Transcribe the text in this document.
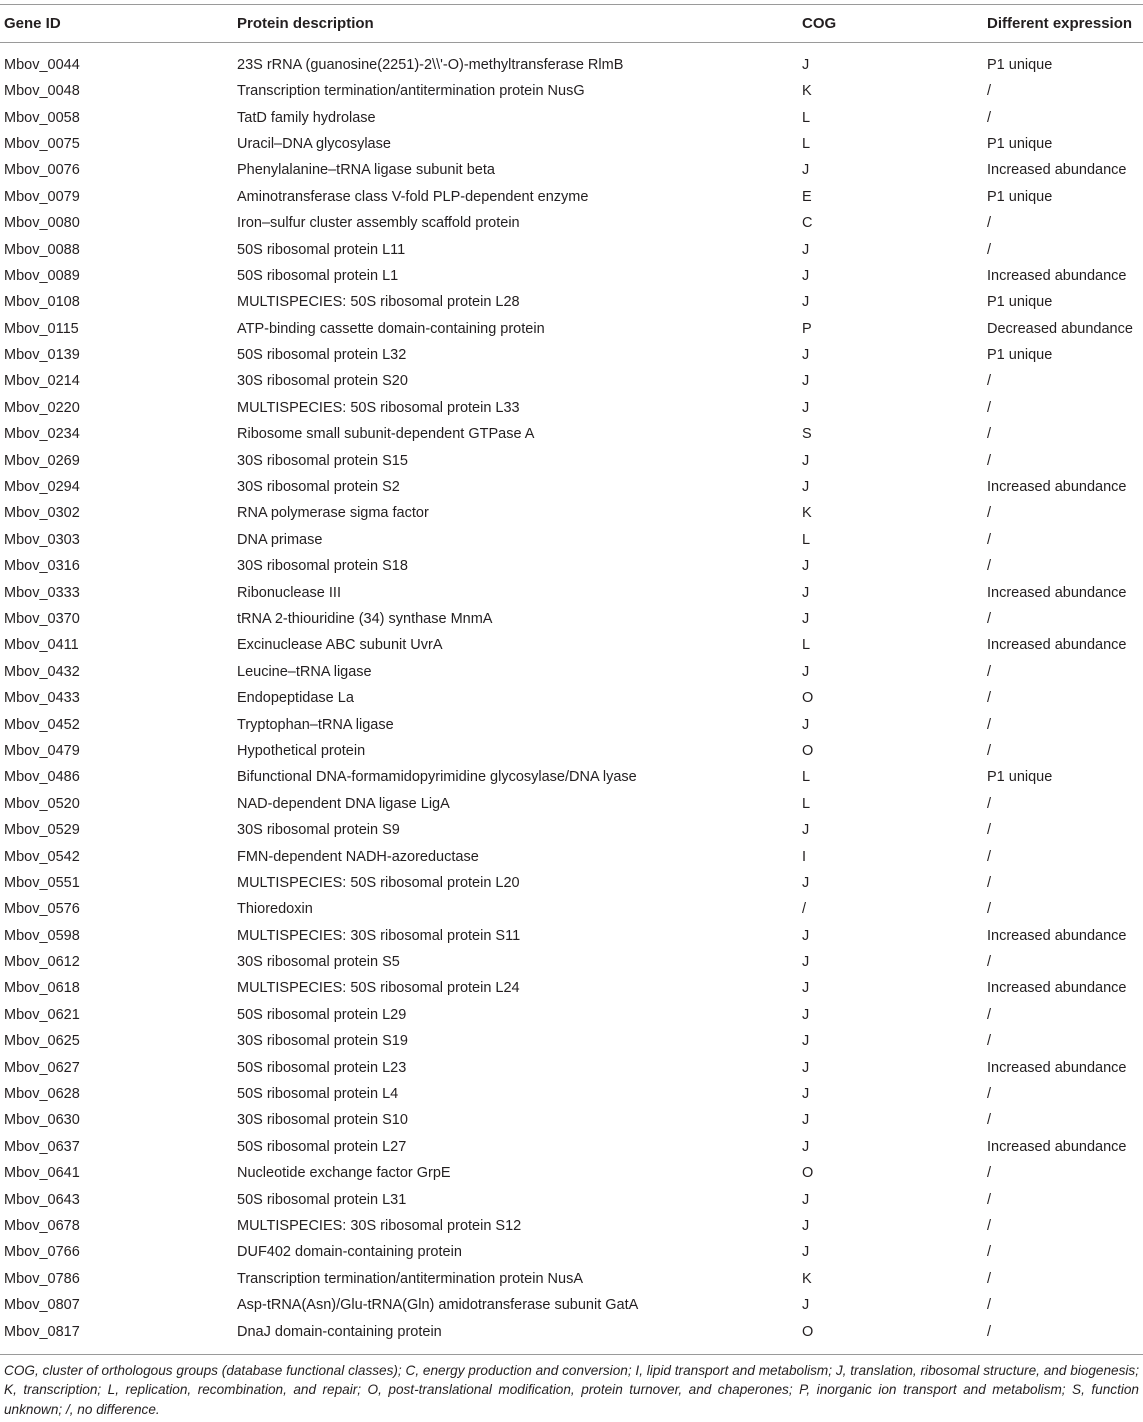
Gene ID	Protein description	COG	Different expression
Mbov_0044	23S rRNA (guanosine(2251)-2\\'-O)-methyltransferase RlmB	J	P1 unique
Mbov_0048	Transcription termination/antitermination protein NusG	K	/
Mbov_0058	TatD family hydrolase	L	/
Mbov_0075	Uracil–DNA glycosylase	L	P1 unique
Mbov_0076	Phenylalanine–tRNA ligase subunit beta	J	Increased abundance
Mbov_0079	Aminotransferase class V-fold PLP-dependent enzyme	E	P1 unique
Mbov_0080	Iron–sulfur cluster assembly scaffold protein	C	/
Mbov_0088	50S ribosomal protein L11	J	/
Mbov_0089	50S ribosomal protein L1	J	Increased abundance
Mbov_0108	MULTISPECIES: 50S ribosomal protein L28	J	P1 unique
Mbov_0115	ATP-binding cassette domain-containing protein	P	Decreased abundance
Mbov_0139	50S ribosomal protein L32	J	P1 unique
Mbov_0214	30S ribosomal protein S20	J	/
Mbov_0220	MULTISPECIES: 50S ribosomal protein L33	J	/
Mbov_0234	Ribosome small subunit-dependent GTPase A	S	/
Mbov_0269	30S ribosomal protein S15	J	/
Mbov_0294	30S ribosomal protein S2	J	Increased abundance
Mbov_0302	RNA polymerase sigma factor	K	/
Mbov_0303	DNA primase	L	/
Mbov_0316	30S ribosomal protein S18	J	/
Mbov_0333	Ribonuclease III	J	Increased abundance
Mbov_0370	tRNA 2-thiouridine (34) synthase MnmA	J	/
Mbov_0411	Excinuclease ABC subunit UvrA	L	Increased abundance
Mbov_0432	Leucine–tRNA ligase	J	/
Mbov_0433	Endopeptidase La	O	/
Mbov_0452	Tryptophan–tRNA ligase	J	/
Mbov_0479	Hypothetical protein	O	/
Mbov_0486	Bifunctional DNA-formamidopyrimidine glycosylase/DNA lyase	L	P1 unique
Mbov_0520	NAD-dependent DNA ligase LigA	L	/
Mbov_0529	30S ribosomal protein S9	J	/
Mbov_0542	FMN-dependent NADH-azoreductase	I	/
Mbov_0551	MULTISPECIES: 50S ribosomal protein L20	J	/
Mbov_0576	Thioredoxin	/	/
Mbov_0598	MULTISPECIES: 30S ribosomal protein S11	J	Increased abundance
Mbov_0612	30S ribosomal protein S5	J	/
Mbov_0618	MULTISPECIES: 50S ribosomal protein L24	J	Increased abundance
Mbov_0621	50S ribosomal protein L29	J	/
Mbov_0625	30S ribosomal protein S19	J	/
Mbov_0627	50S ribosomal protein L23	J	Increased abundance
Mbov_0628	50S ribosomal protein L4	J	/
Mbov_0630	30S ribosomal protein S10	J	/
Mbov_0637	50S ribosomal protein L27	J	Increased abundance
Mbov_0641	Nucleotide exchange factor GrpE	O	/
Mbov_0643	50S ribosomal protein L31	J	/
Mbov_0678	MULTISPECIES: 30S ribosomal protein S12	J	/
Mbov_0766	DUF402 domain-containing protein	J	/
Mbov_0786	Transcription termination/antitermination protein NusA	K	/
Mbov_0807	Asp-tRNA(Asn)/Glu-tRNA(Gln) amidotransferase subunit GatA	J	/
Mbov_0817	DnaJ domain-containing protein	O	/

COG, cluster of orthologous groups (database functional classes); C, energy production and conversion; I, lipid transport and metabolism; J, translation, ribosomal structure, and biogenesis; K, transcription; L, replication, recombination, and repair; O, post-translational modification, protein turnover, and chaperones; P, inorganic ion transport and metabolism; S, function unknown; /, no difference.
